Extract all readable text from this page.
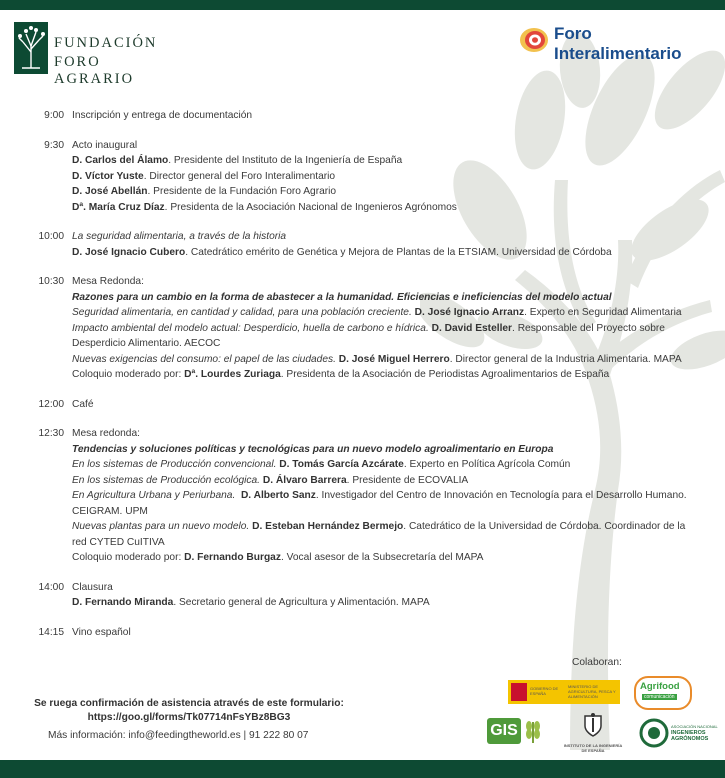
FUNDACIÓN
FORO AGRARIO
Foro
Interalimentario
9:00 Inscripción y entrega de documentación
9:30 Acto inaugural
D. Carlos del Álamo. Presidente del Instituto de la Ingeniería de España
D. Víctor Yuste. Director general del Foro Interalimentario
D. José Abellán. Presidente de la Fundación Foro Agrario
Dª. María Cruz Díaz. Presidenta de la Asociación Nacional de Ingenieros Agrónomos
10:00 La seguridad alimentaria, a través de la historia
D. José Ignacio Cubero. Catedrático emérito de Genética y Mejora de Plantas de la ETSIAM. Universidad de Córdoba
10:30 Mesa Redonda:
Razones para un cambio en la forma de abastecer a la humanidad. Eficiencias e ineficiencias del modelo actual
Seguridad alimentaria, en cantidad y calidad, para una población creciente. D. José Ignacio Arranz. Experto en Seguridad Alimentaria
Impacto ambiental del modelo actual: Desperdicio, huella de carbono e hídrica. D. David Esteller. Responsable del Proyecto sobre
Desperdicio Alimentario. AECOC
Nuevas exigencias del consumo: el papel de las ciudades. D. José Miguel Herrero. Director general de la Industria Alimentaria. MAPA
Coloquio moderado por: Dª. Lourdes Zuriaga. Presidenta de la Asociación de Periodistas Agroalimentarios de España
12:00 Café
12:30 Mesa redonda:
Tendencias y soluciones políticas y tecnológicas para un nuevo modelo agroalimentario en Europa
En los sistemas de Producción convencional. D. Tomás García Azcárate. Experto en Política Agrícola Común
En los sistemas de Producción ecológica. D. Álvaro Barrera. Presidente de ECOVALIA
En Agricultura Urbana y Periurbana. D. Alberto Sanz. Investigador del Centro de Innovación en Tecnología para el Desarrollo Humano.
CEIGRAM. UPM
Nuevas plantas para un nuevo modelo. D. Esteban Hernández Bermejo. Catedrático de la Universidad de Córdoba. Coordinador de la
red CYTED CuITIVA
Coloquio moderado por: D. Fernando Burgaz. Vocal asesor de la Subsecretaría del MAPA
14:00 Clausura
D. Fernando Miranda. Secretario general de Agricultura y Alimentación. MAPA
14:15 Vino español
Colaboran:
Se ruega confirmación de asistencia através de este formulario:
https://goo.gl/forms/Tk07714nFsYBz8BG3
Más información: info@feedingtheworld.es | 91 222 80 07
GOBIERNO DE ESPAÑA
MINISTERIO DE AGRICULTURA, PESCA Y ALIMENTACIÓN
Agrifood
comunicación
GIS
INSTITUTO DE LA INGENIERÍA DE ESPAÑA
ASOCIACIÓN NACIONAL
INGENIEROS AGRÓNOMOS
